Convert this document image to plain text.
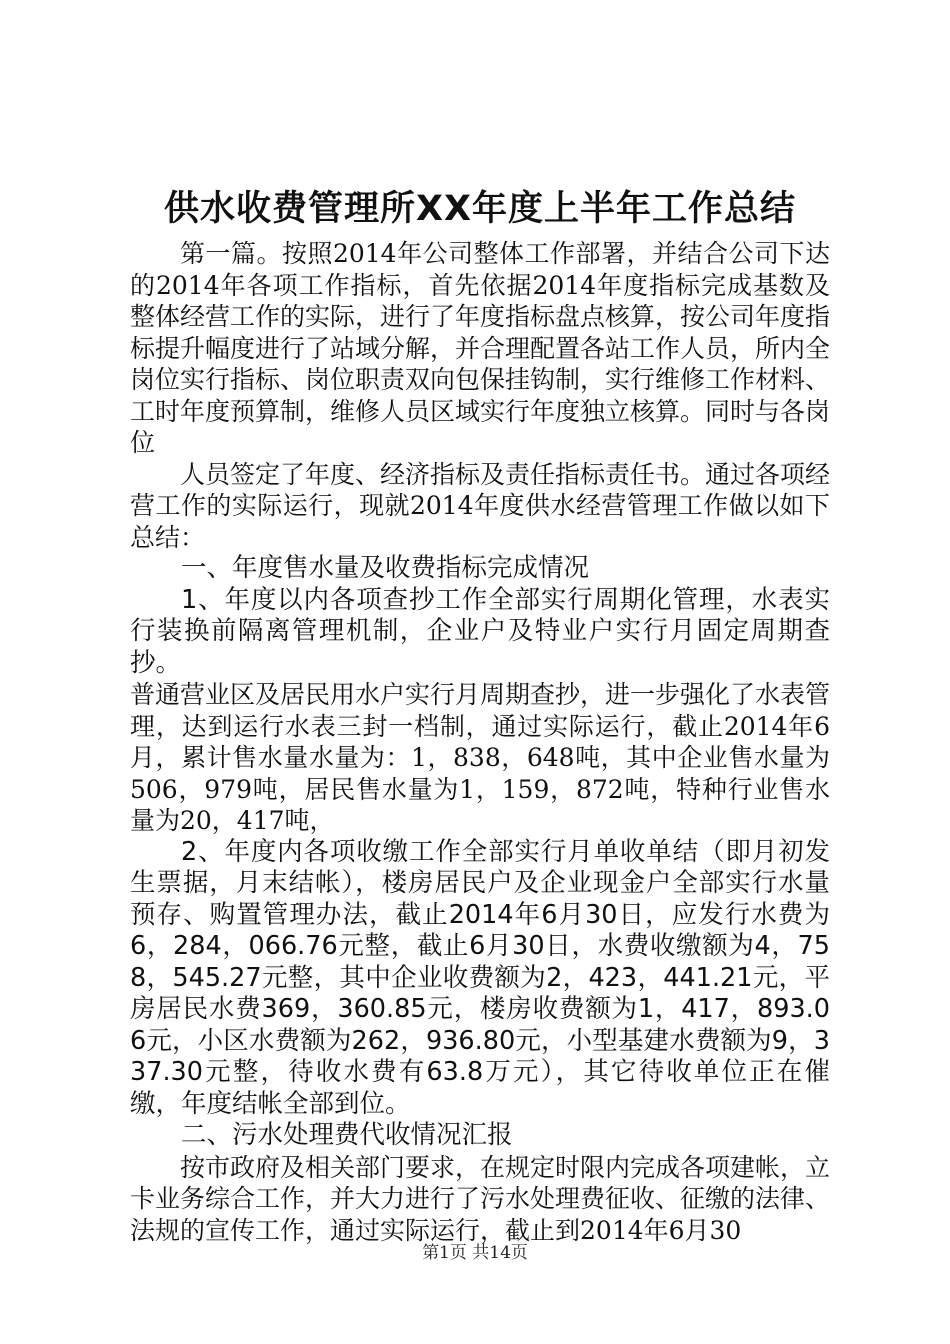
供水收费管理所XX年度上半年工作总结

第一篇。按照2014年公司整体工作部署，并结合公司下达的2014年各项工作指标，首先依据2014年度指标完成基数及整体经营工作的实际，进行了年度指标盘点核算，按公司年度指标提升幅度进行了站域分解，并合理配置各站工作人员，所内全岗位实行指标、岗位职责双向包保挂钩制，实行维修工作材料、工时年度预算制，维修人员区域实行年度独立核算。同时与各岗位

人员签定了年度、经济指标及责任指标责任书。通过各项经营工作的实际运行，现就2014年度供水经营管理工作做以如下总结：

一、年度售水量及收费指标完成情况

1、年度以内各项查抄工作全部实行周期化管理，水表实行装换前隔离管理机制，企业户及特业户实行月固定周期查抄。

普通营业区及居民用水户实行月周期查抄，进一步强化了水表管理，达到运行水表三封一档制，通过实际运行，截止2014年6月，累计售水量水量为：1，838，648吨，其中企业售水量为506，979吨，居民售水量为1，159，872吨，特种行业售水量为20，417吨，

2、年度内各项收缴工作全部实行月单收单结（即月初发生票据，月末结帐），楼房居民户及企业现金户全部实行水量预存、购置管理办法，截止2014年6月30日，应发行水费为6，284，066.76元整，截止6月30日，水费收缴额为4，758，545.27元整，其中企业收费额为2，423，441.21元，平房居民水费369，360.85元，楼房收费额为1，417，893.06元，小区水费额为262，936.80元，小型基建水费额为9，337.30元整，待收水费有63.8万元），其它待收单位正在催缴，年度结帐全部到位。

二、污水处理费代收情况汇报

按市政府及相关部门要求，在规定时限内完成各项建帐，立卡业务综合工作，并大力进行了污水处理费征收、征缴的法律、法规的宣传工作，通过实际运行，截止到2014年6月30

第1页 共14页
